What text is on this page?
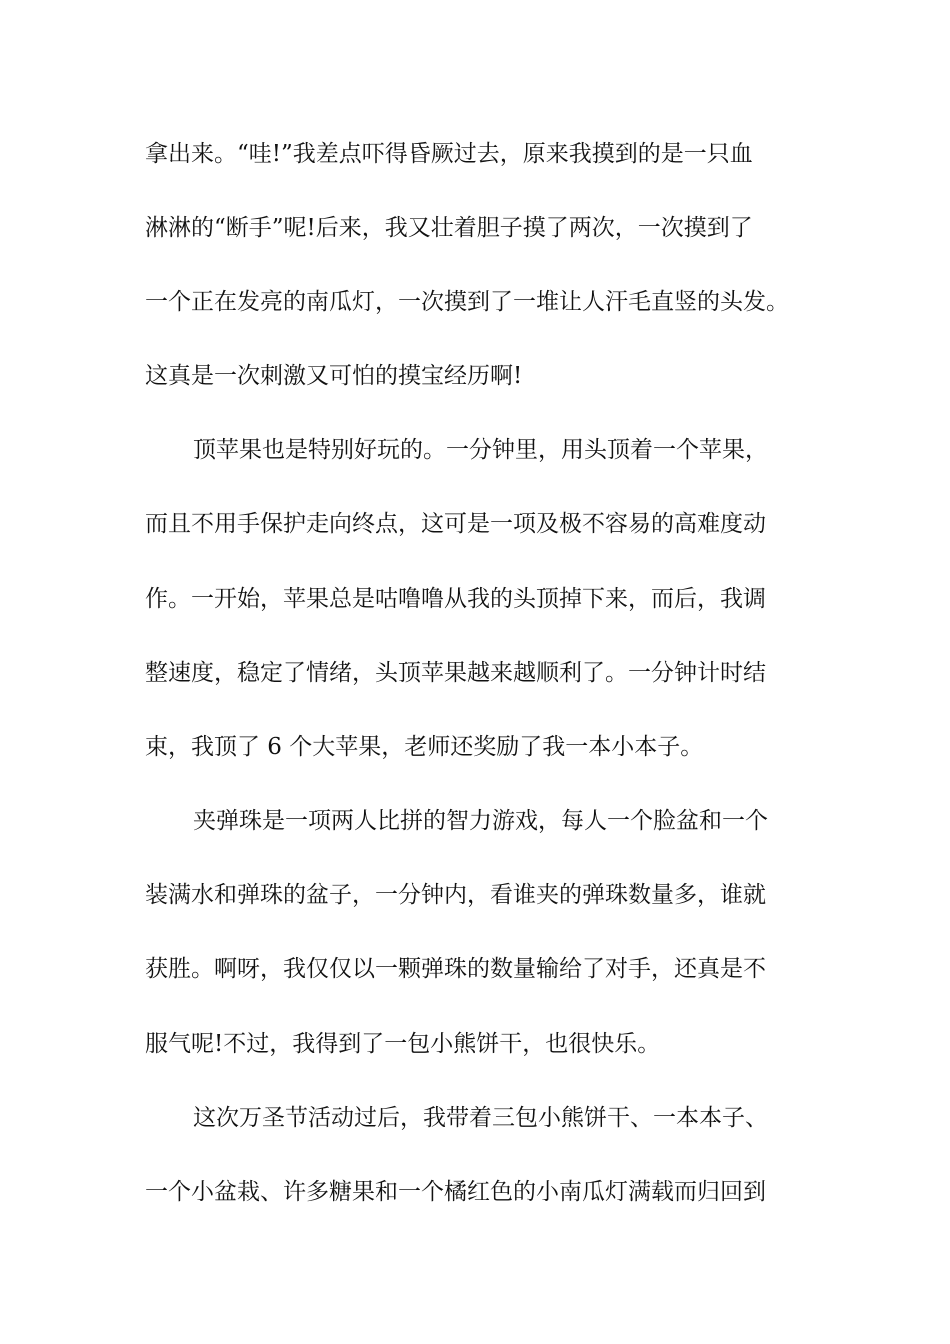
拿出来。“哇!”我差点吓得昏厥过去，原来我摸到的是一只血
淋淋的“断手”呢!后来，我又壮着胆子摸了两次，一次摸到了
一个正在发亮的南瓜灯，一次摸到了一堆让人汗毛直竖的头发。
这真是一次刺激又可怕的摸宝经历啊!
顶苹果也是特别好玩的。一分钟里，用头顶着一个苹果，
而且不用手保护走向终点，这可是一项及极不容易的高难度动
作。一开始，苹果总是咕噜噜从我的头顶掉下来，而后，我调
整速度，稳定了情绪，头顶苹果越来越顺利了。一分钟计时结
束，我顶了 6 个大苹果，老师还奖励了我一本小本子。
夹弹珠是一项两人比拼的智力游戏，每人一个脸盆和一个
装满水和弹珠的盆子，一分钟内，看谁夹的弹珠数量多，谁就
获胜。啊呀，我仅仅以一颗弹珠的数量输给了对手，还真是不
服气呢!不过，我得到了一包小熊饼干，也很快乐。
这次万圣节活动过后，我带着三包小熊饼干、一本本子、
一个小盆栽、许多糖果和一个橘红色的小南瓜灯满载而归回到
